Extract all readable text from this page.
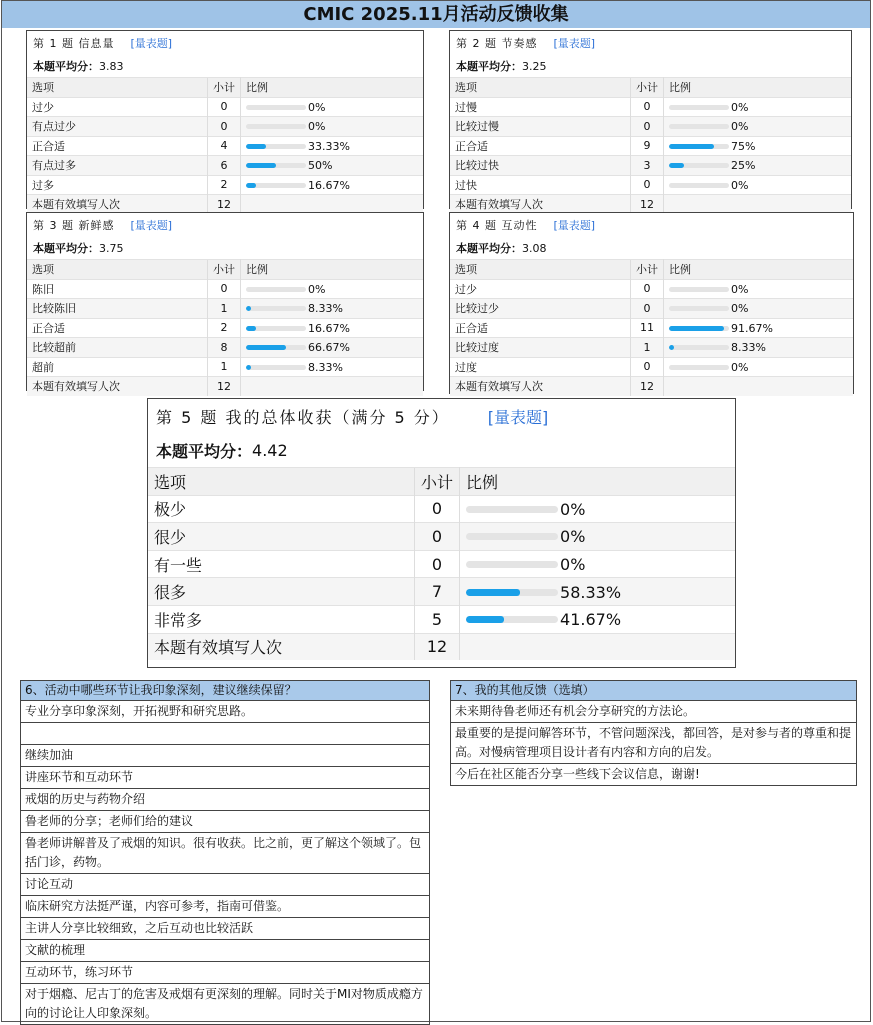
CMIC 2025.11月活动反馈收集
第 1 题 信息量 [量表题]
本题平均分： 3.83
选项	小计	比例
过少	0	0%
有点过少	0	0%
正合适	4	33.33%
有点过多	6	50%
过多	2	16.67%
本题有效填写人次	12	
第 2 题 节奏感 [量表题]
本题平均分： 3.25
选项	小计	比例
过慢	0	0%
比较过慢	0	0%
正合适	9	75%
比较过快	3	25%
过快	0	0%
本题有效填写人次	12	
第 3 题 新鲜感 [量表题]
本题平均分： 3.75
选项	小计	比例
陈旧	0	0%
比较陈旧	1	8.33%
正合适	2	16.67%
比较超前	8	66.67%
超前	1	8.33%
本题有效填写人次	12	
第 4 题 互动性 [量表题]
本题平均分： 3.08
选项	小计	比例
过少	0	0%
比较过少	0	0%
正合适	11	91.67%
比较过度	1	8.33%
过度	0	0%
本题有效填写人次	12	
第 5 题 我的总体收获（满分 5 分） [量表题]
本题平均分： 4.42
选项	小计	比例
极少	0	0%
很少	0	0%
有一些	0	0%
很多	7	58.33%
非常多	5	41.67%
本题有效填写人次	12	
6、活动中哪些环节让我印象深刻，建议继续保留？
专业分享印象深刻，开拓视野和研究思路。
继续加油
讲座环节和互动环节
戒烟的历史与药物介绍
鲁老师的分享；老师们给的建议
鲁老师讲解普及了戒烟的知识。很有收获。比之前，更了解这个领域了。包括门诊，药物。
讨论互动
临床研究方法挺严谨，内容可参考，指南可借鉴。
主讲人分享比较细致，之后互动也比较活跃
文献的梳理
互动环节，练习环节
对于烟瘾、尼古丁的危害及戒烟有更深刻的理解。同时关于MI对物质成瘾方向的讨论让人印象深刻。
7、我的其他反馈（选填）
未来期待鲁老师还有机会分享研究的方法论。
最重要的是提问解答环节，不管问题深浅，都回答，是对参与者的尊重和提高。对慢病管理项目设计者有内容和方向的启发。
今后在社区能否分享一些线下会议信息，谢谢!
